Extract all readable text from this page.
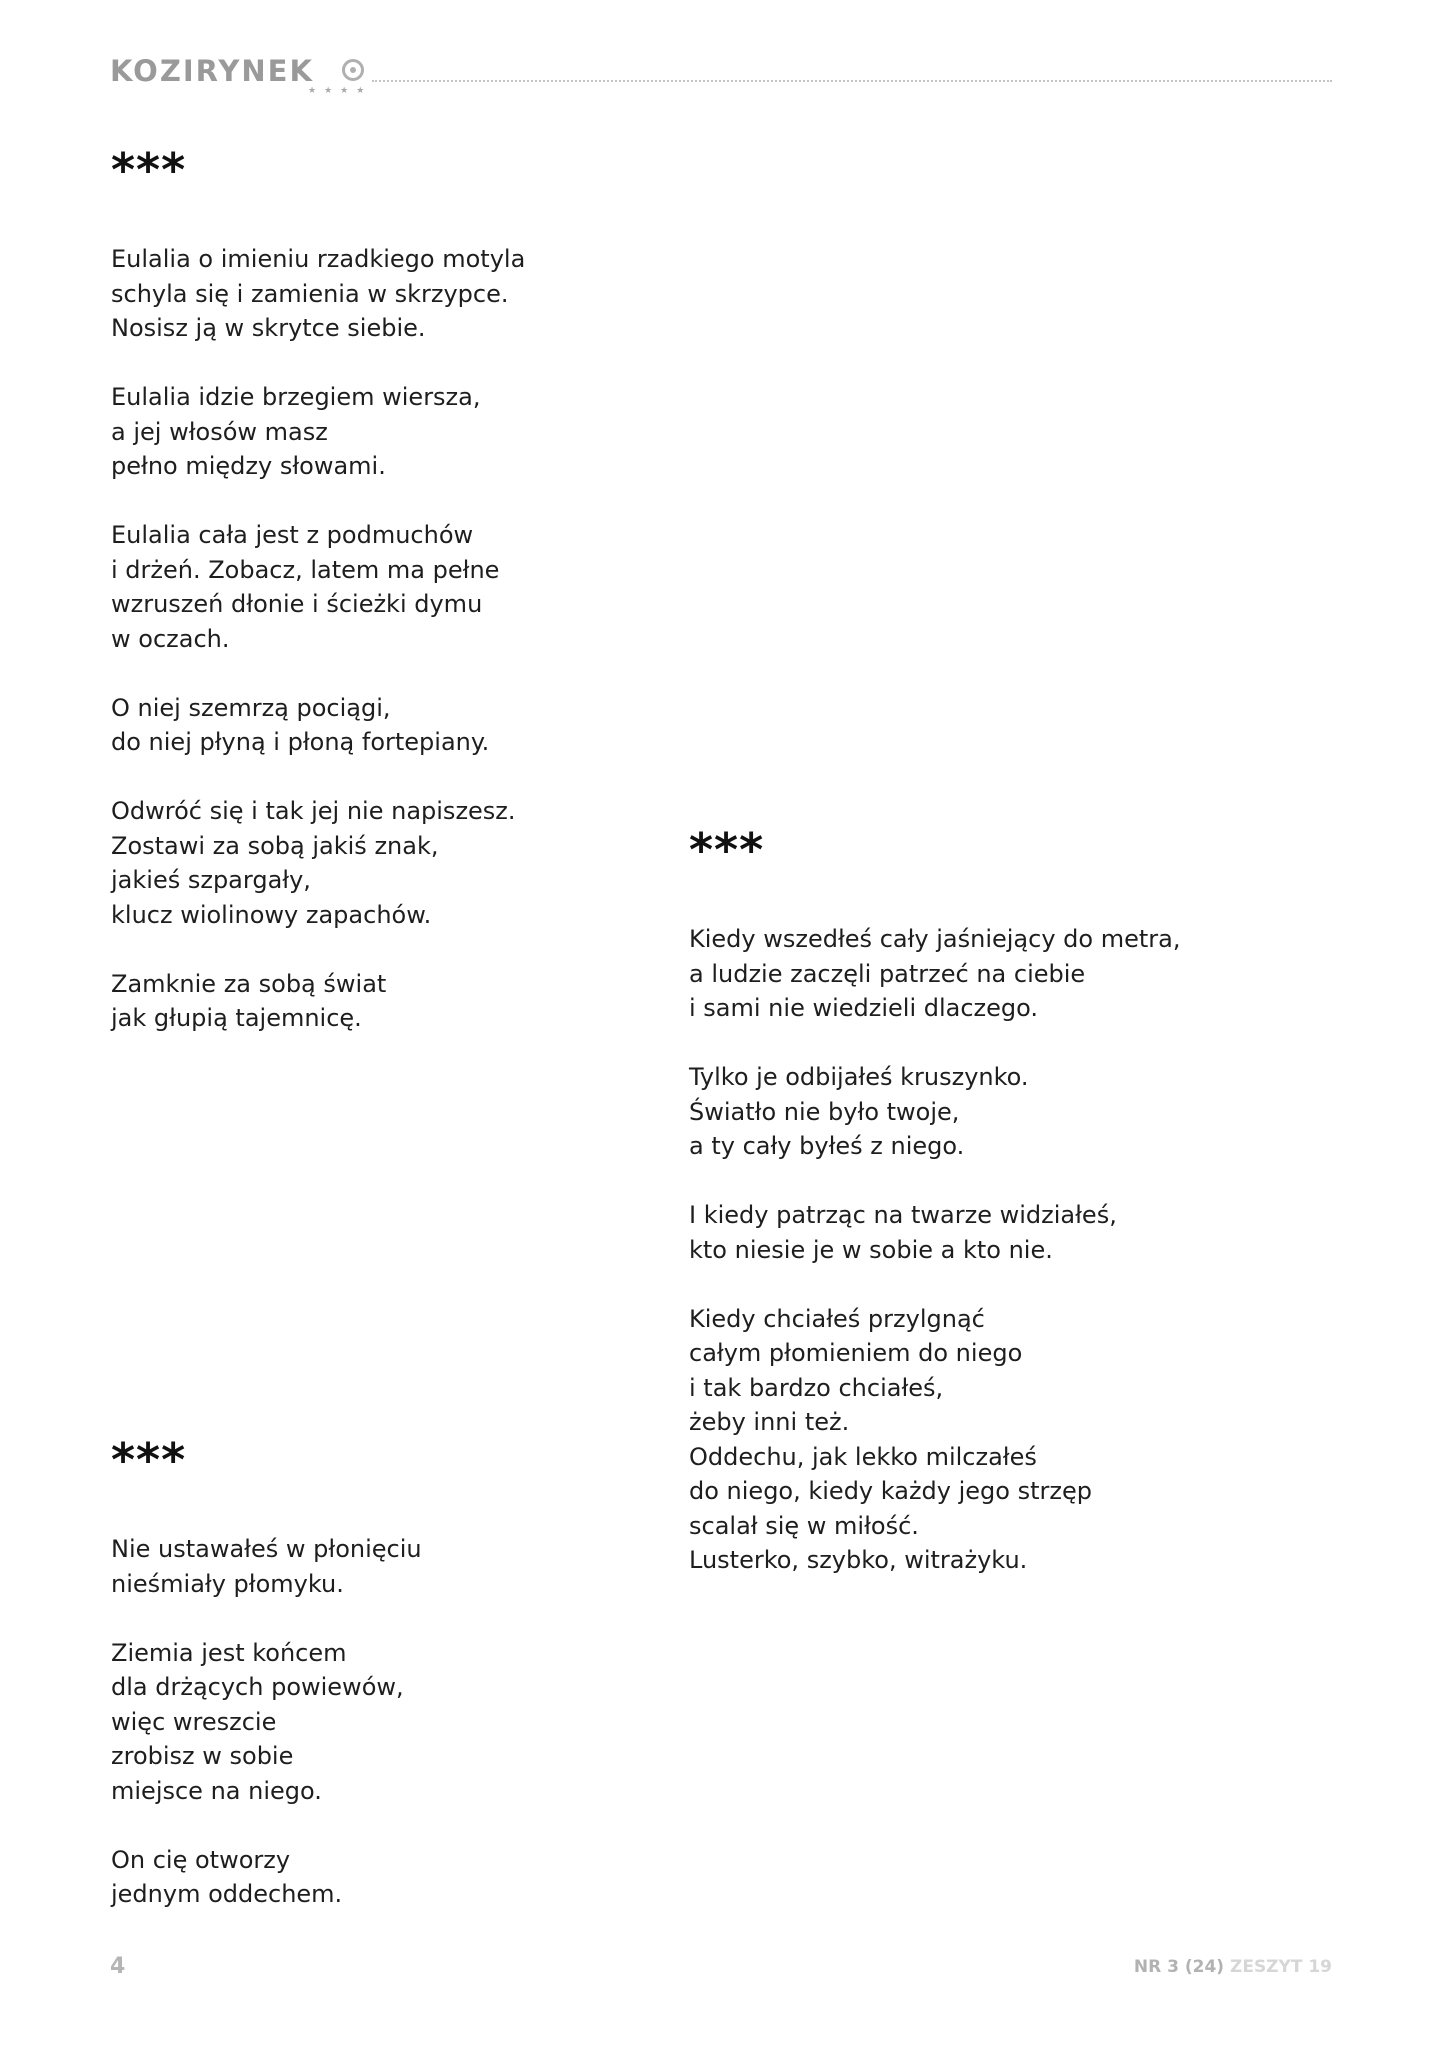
KOZIRYNEK
★★★★
***
Eulalia o imieniu rzadkiego motyla
schyla się i zamienia w skrzypce.
Nosisz ją w skrytce siebie.
Eulalia idzie brzegiem wiersza,
a jej włosów masz
pełno między słowami.
Eulalia cała jest z podmuchów
i drżeń. Zobacz, latem ma pełne
wzruszeń dłonie i ścieżki dymu
w oczach.
O niej szemrzą pociągi,
do niej płyną i płoną fortepiany.
Odwróć się i tak jej nie napiszesz.
Zostawi za sobą jakiś znak,
jakieś szpargały,
klucz wiolinowy zapachów.
Zamknie za sobą świat
jak głupią tajemnicę.
***
Kiedy wszedłeś cały jaśniejący do metra,
a ludzie zaczęli patrzeć na ciebie
i sami nie wiedzieli dlaczego.
Tylko je odbijałeś kruszynko.
Światło nie było twoje,
a ty cały byłeś z niego.
I kiedy patrząc na twarze widziałeś,
kto niesie je w sobie a kto nie.
Kiedy chciałeś przylgnąć
całym płomieniem do niego
i tak bardzo chciałeś,
żeby inni też.
Oddechu, jak lekko milczałeś
do niego, kiedy każdy jego strzęp
scalał się w miłość.
Lusterko, szybko, witrażyku.
***
Nie ustawałeś w płonięciu
nieśmiały płomyku.
Ziemia jest końcem
dla drżących powiewów,
więc wreszcie
zrobisz w sobie
miejsce na niego.
On cię otworzy
jednym oddechem.
4	NR 3 (24) ZESZYT 19
